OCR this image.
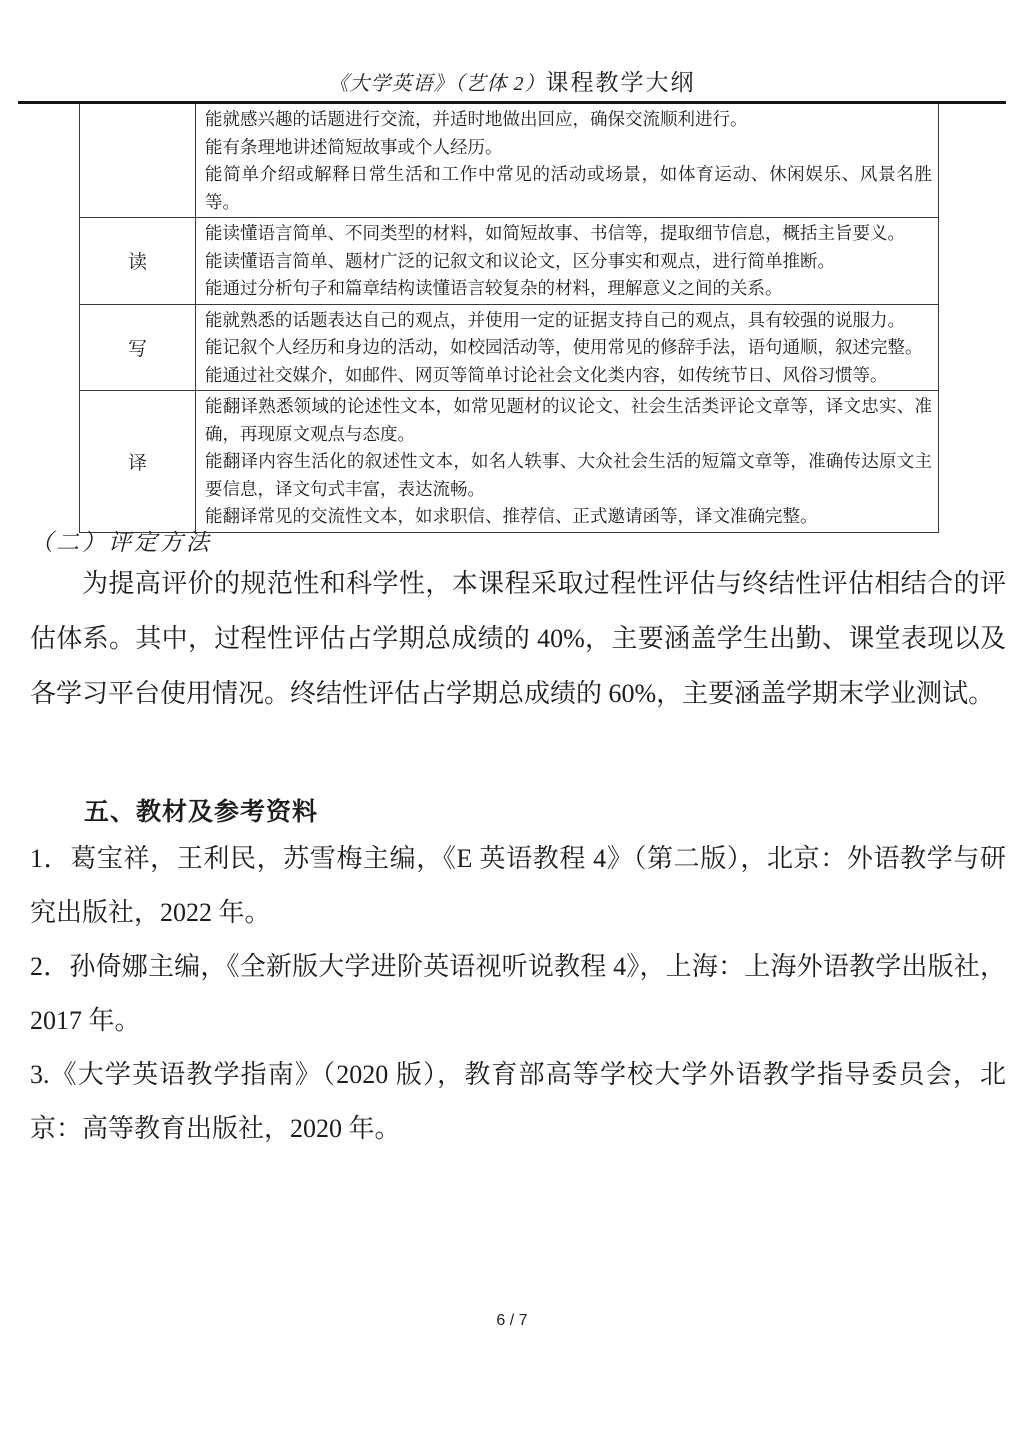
《大学英语》（艺体 2）课程教学大纲

能就感兴趣的话题进行交流，并适时地做出回应，确保交流顺利进行。

能有条理地讲述简短故事或个人经历。

能简单介绍或解释日常生活和工作中常见的活动或场景，如体育运动、休闲娱乐、风景名胜等。

读

能读懂语言简单、不同类型的材料，如简短故事、书信等，提取细节信息，概括主旨要义。

能读懂语言简单、题材广泛的记叙文和议论文，区分事实和观点，进行简单推断。

能通过分析句子和篇章结构读懂语言较复杂的材料，理解意义之间的关系。

写

能就熟悉的话题表达自己的观点，并使用一定的证据支持自己的观点，具有较强的说服力。

能记叙个人经历和身边的活动，如校园活动等，使用常见的修辞手法，语句通顺，叙述完整。

能通过社交媒介，如邮件、网页等简单讨论社会文化类内容，如传统节日、风俗习惯等。

译

能翻译熟悉领域的论述性文本，如常见题材的议论文、社会生活类评论文章等，译文忠实、准确，再现原文观点与态度。

能翻译内容生活化的叙述性文本，如名人轶事、大众社会生活的短篇文章等，准确传达原文主要信息，译文句式丰富，表达流畅。

能翻译常见的交流性文本，如求职信、推荐信、正式邀请函等，译文准确完整。

（二）评定方法
为提高评价的规范性和科学性，本课程采取过程性评估与终结性评估相结合的评估体系。其中，过程性评估占学期总成绩的 40%，主要涵盖学生出勤、课堂表现以及各学习平台使用情况。终结性评估占学期总成绩的 60%，主要涵盖学期末学业测试。
五、教材及参考资料

1．葛宝祥，王利民，苏雪梅主编，《E 英语教程 4》（第二版），北京：外语教学与研究出版社，2022 年。

2．孙倚娜主编，《全新版大学进阶英语视听说教程 4》，上海：上海外语教学出版社，2017 年。

3.《大学英语教学指南》（2020 版），教育部高等学校大学外语教学指导委员会，北京：高等教育出版社，2020 年。

6 / 7
